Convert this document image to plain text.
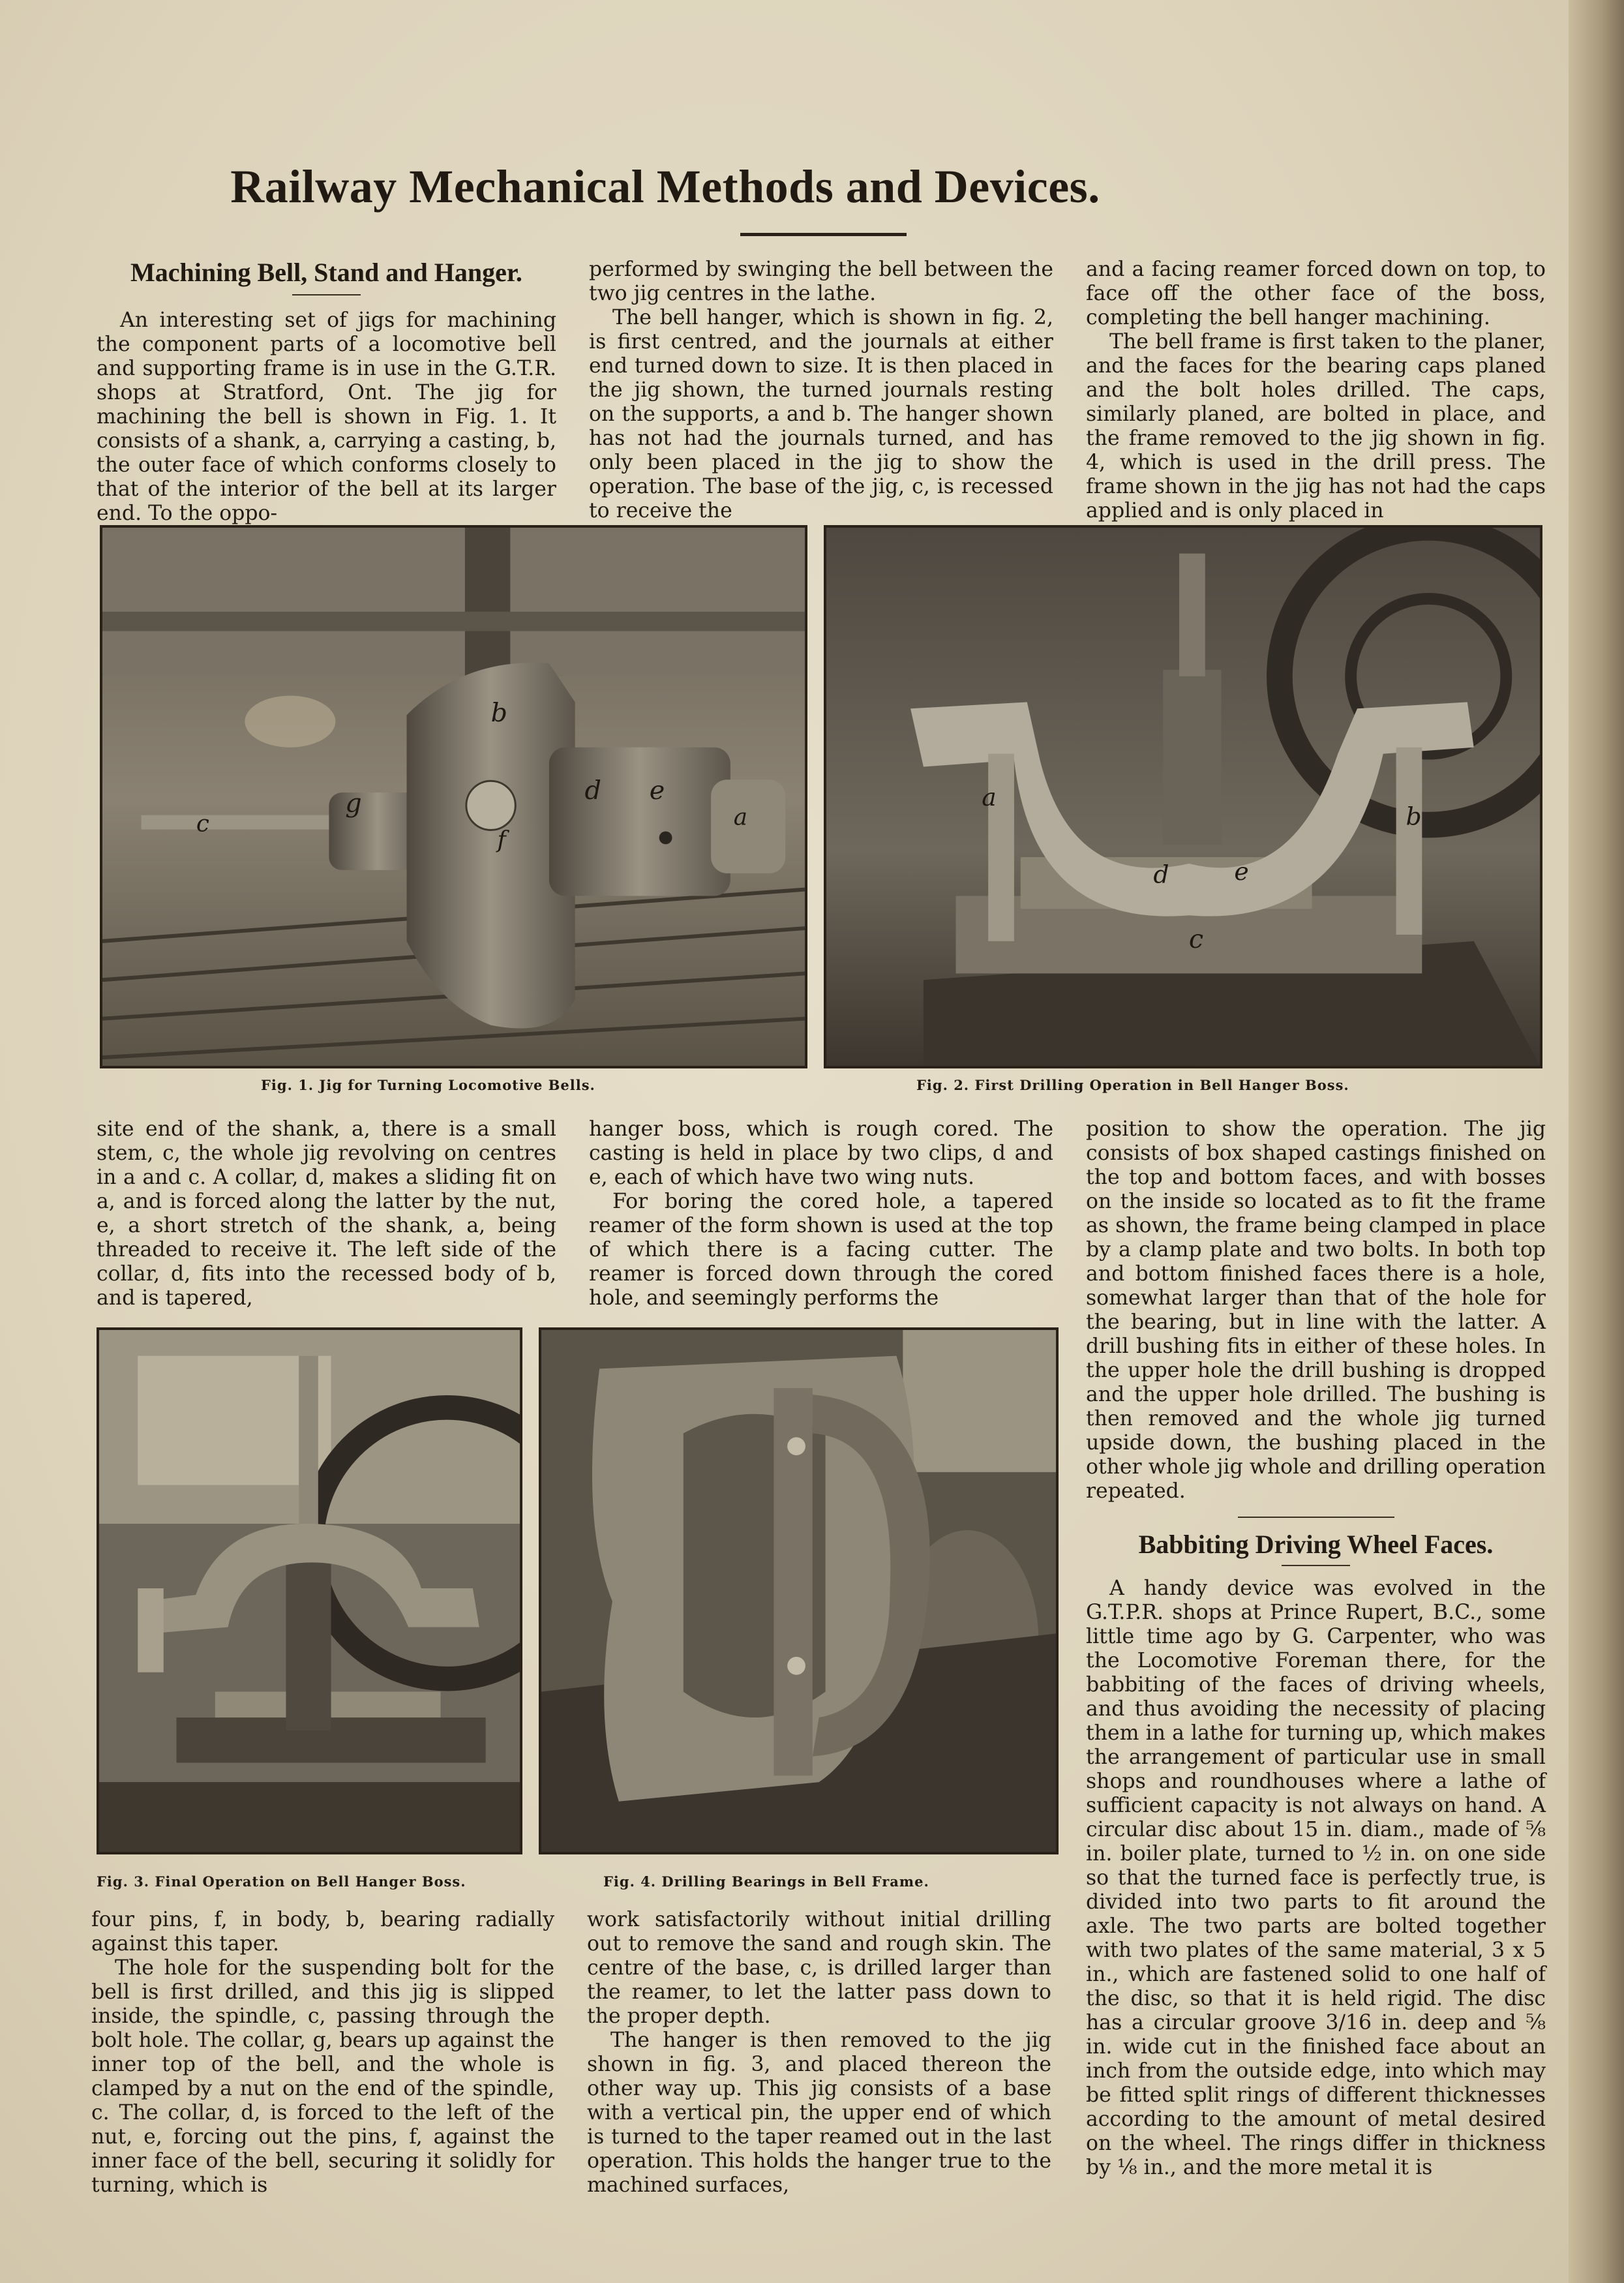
Railway Mechanical Methods and Devices.
Machining Bell, Stand and Hanger.

An interesting set of jigs for machining the component parts of a locomotive bell and supporting frame is in use in the G.T.R. shops at Stratford, Ont. The jig for machining the bell is shown in Fig. 1. It consists of a shank, a, carrying a casting, b, the outer face of which conforms closely to that of the interior of the bell at its larger end. To the oppo-

performed by swinging the bell between the two jig centres in the lathe.

The bell hanger, which is shown in fig. 2, is first centred, and the journals at either end turned down to size. It is then placed in the jig shown, the turned journals resting on the supports, a and b. The hanger shown has not had the journals turned, and has only been placed in the jig to show the operation. The base of the jig, c, is recessed to receive the

and a facing reamer forced down on top, to face off the other face of the boss, completing the bell hanger machining.

The bell frame is first taken to the planer, and the faces for the bearing caps planed and the bolt holes drilled. The caps, similarly planed, are bolted in place, and the frame removed to the jig shown in fig. 4, which is used in the drill press. The frame shown in the jig has not had the caps applied and is only placed in

c
g
b
d e
a
f

Fig. 1. Jig for Turning Locomotive Bells.

a
b
c
d	e

Fig. 2. First Drilling Operation in Bell Hanger Boss.

site end of the shank, a, there is a small stem, c, the whole jig revolving on centres in a and c. A collar, d, makes a sliding fit on a, and is forced along the latter by the nut, e, a short stretch of the shank, a, being threaded to receive it. The left side of the collar, d, fits into the recessed body of b, and is tapered,

hanger boss, which is rough cored. The casting is held in place by two clips, d and e, each of which have two wing nuts.

For boring the cored hole, a tapered reamer of the form shown is used at the top of which there is a facing cutter. The reamer is forced down through the cored hole, and seemingly performs the

position to show the operation. The jig consists of box shaped castings finished on the top and bottom faces, and with bosses on the inside so located as to fit the frame as shown, the frame being clamped in place by a clamp plate and two bolts. In both top and bottom finished faces there is a hole, somewhat larger than that of the hole for the bearing, but in line with the latter. A drill bushing fits in either of these holes. In the upper hole the drill bushing is dropped and the upper hole drilled. The bushing is then removed and the whole jig turned upside down, the bushing placed in the other whole jig whole and drilling operation repeated.

Babbiting Driving Wheel Faces.

A handy device was evolved in the G.T.P.R. shops at Prince Rupert, B.C., some little time ago by G. Carpenter, who was the Locomotive Foreman there, for the babbiting of the faces of driving wheels, and thus avoiding the necessity of placing them in a lathe for turning up, which makes the arrangement of particular use in small shops and roundhouses where a lathe of sufficient capacity is not always on hand. A circular disc about 15 in. diam., made of ⅝ in. boiler plate, turned to ½ in. on one side so that the turned face is perfectly true, is divided into two parts to fit around the axle. The two parts are bolted together with two plates of the same material, 3 x 5 in., which are fastened solid to one half of the disc, so that it is held rigid. The disc has a circular groove 3/16 in. deep and ⅝ in. wide cut in the finished face about an inch from the outside edge, into which may be fitted split rings of different thicknesses according to the amount of metal desired on the wheel. The rings differ in thickness by ⅛ in., and the more metal it is

Fig. 3. Final Operation on Bell Hanger Boss.	Fig. 4. Drilling Bearings in Bell Frame.

four pins, f, in body, b, bearing radially against this taper.

The hole for the suspending bolt for the bell is first drilled, and this jig is slipped inside, the spindle, c, passing through the bolt hole. The collar, g, bears up against the inner top of the bell, and the whole is clamped by a nut on the end of the spindle, c. The collar, d, is forced to the left of the nut, e, forcing out the pins, f, against the inner face of the bell, securing it solidly for turning, which is

work satisfactorily without initial drilling out to remove the sand and rough skin. The centre of the base, c, is drilled larger than the reamer, to let the latter pass down to the proper depth.

The hanger is then removed to the jig shown in fig. 3, and placed thereon the other way up. This jig consists of a base with a vertical pin, the upper end of which is turned to the taper reamed out in the last operation. This holds the hanger true to the machined surfaces,
